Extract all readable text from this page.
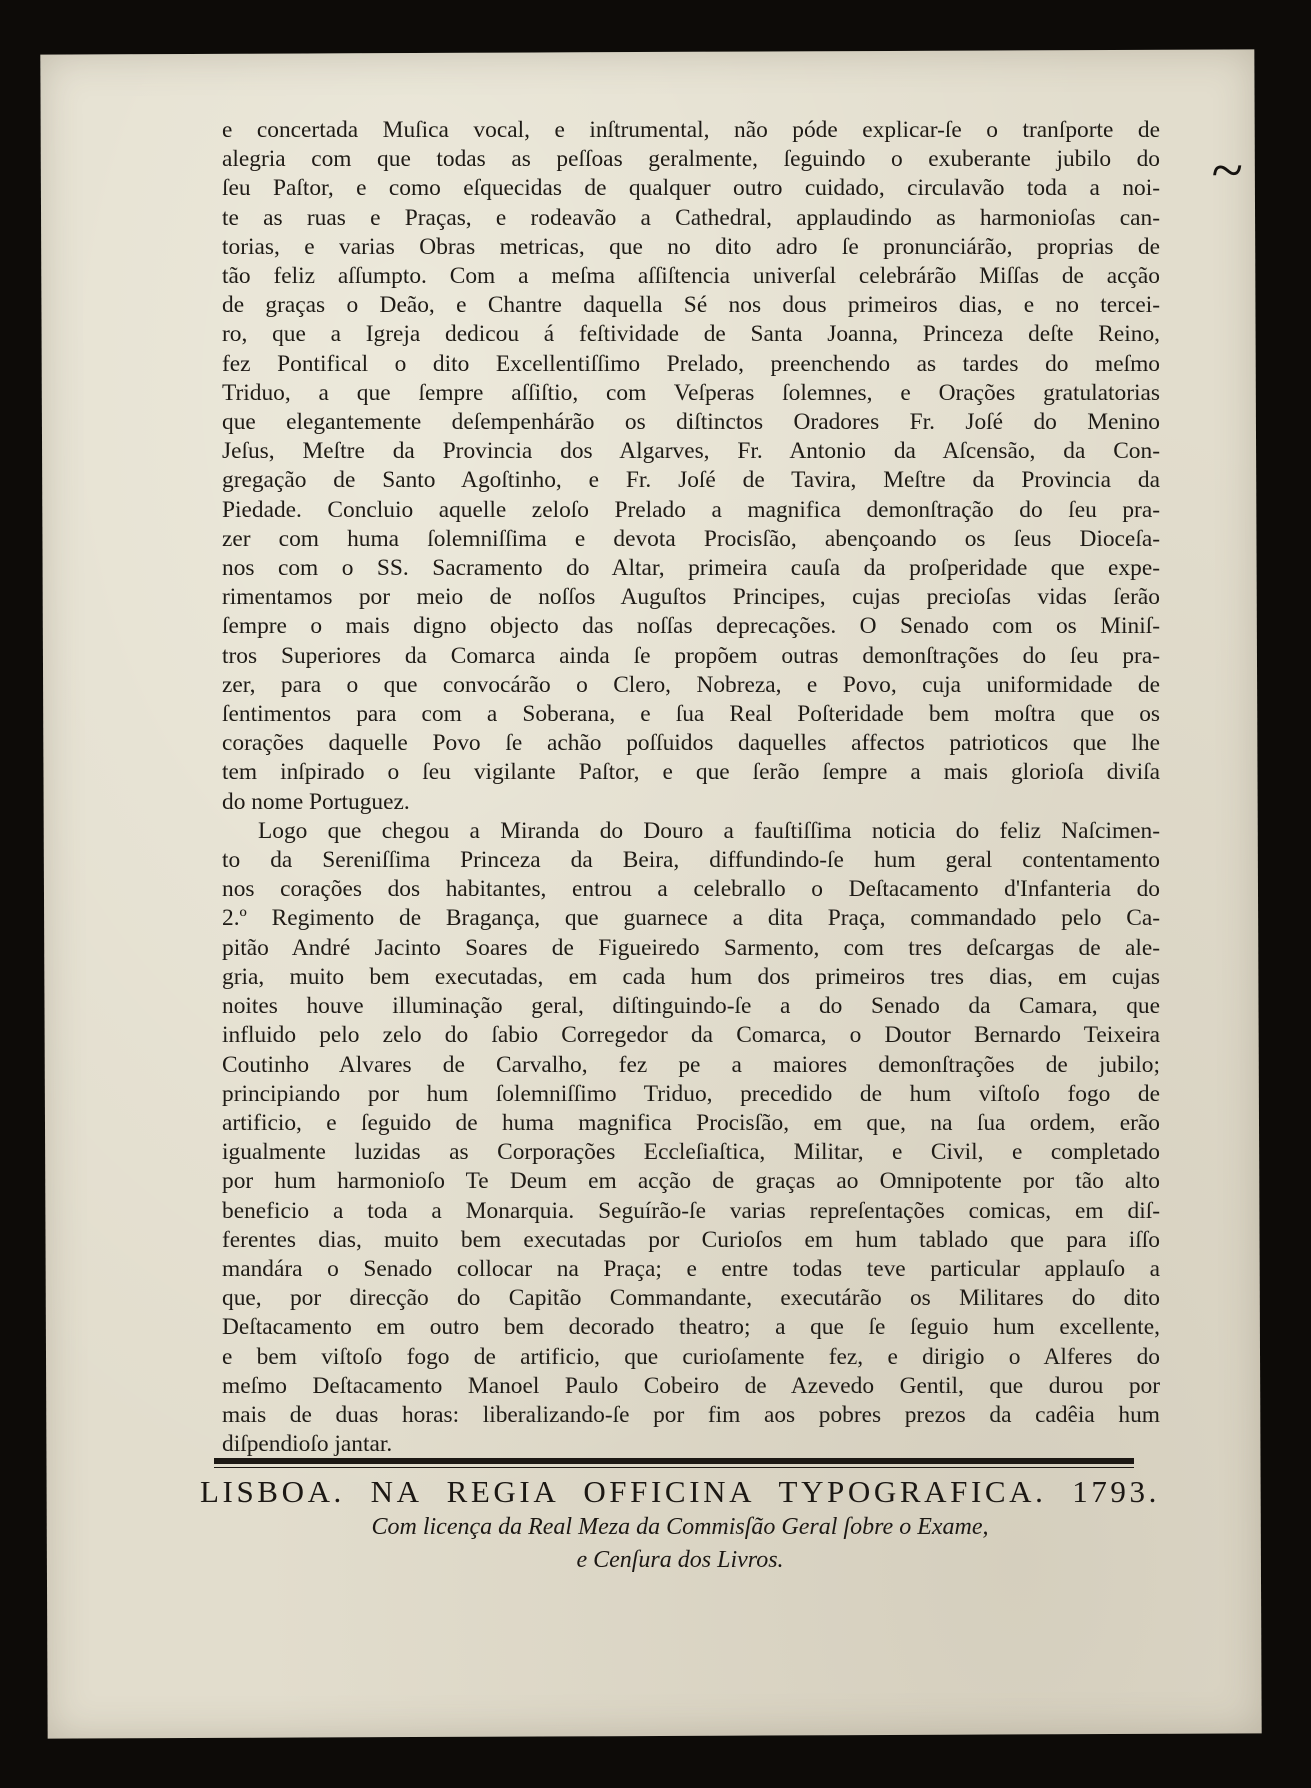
~
e concertada Muſica vocal, e inſtrumental, não póde explicar-ſe o tranſporte de
alegria com que todas as peſſoas geralmente, ſeguindo o exuberante jubilo do
ſeu Paſtor, e como eſquecidas de qualquer outro cuidado, circulavão toda a noi-
te as ruas e Praças, e rodeavão a Cathedral, applaudindo as harmonioſas can-
torias, e varias Obras metricas, que no dito adro ſe pronunciárão, proprias de
tão feliz aſſumpto. Com a meſma aſſiſtencia univerſal celebrárão Miſſas de acção
de graças o Deão, e Chantre daquella Sé nos dous primeiros dias, e no tercei-
ro, que a Igreja dedicou á feſtividade de Santa Joanna, Princeza deſte Reino,
fez Pontifical o dito Excellentiſſimo Prelado, preenchendo as tardes do meſmo
Triduo, a que ſempre aſſiſtio, com Veſperas ſolemnes, e Orações gratulatorias
que elegantemente deſempenhárão os diſtinctos Oradores Fr. Joſé do Menino
Jeſus, Meſtre da Provincia dos Algarves, Fr. Antonio da Aſcensão, da Con-
gregação de Santo Agoſtinho, e Fr. Joſé de Tavira, Meſtre da Provincia da
Piedade. Concluio aquelle zeloſo Prelado a magnifica demonſtração do ſeu pra-
zer com huma ſolemniſſima e devota Procisſão, abençoando os ſeus Dioceſa-
nos com o SS. Sacramento do Altar, primeira cauſa da proſperidade que expe-
rimentamos por meio de noſſos Auguſtos Principes, cujas precioſas vidas ſerão
ſempre o mais digno objecto das noſſas deprecações. O Senado com os Miniſ-
tros Superiores da Comarca ainda ſe propõem outras demonſtrações do ſeu pra-
zer, para o que convocárão o Clero, Nobreza, e Povo, cuja uniformidade de
ſentimentos para com a Soberana, e ſua Real Poſteridade bem moſtra que os
corações daquelle Povo ſe achão poſſuidos daquelles affectos patrioticos que lhe
tem inſpirado o ſeu vigilante Paſtor, e que ſerão ſempre a mais glorioſa diviſa
do nome Portuguez.
Logo que chegou a Miranda do Douro a fauſtiſſima noticia do feliz Naſcimen-
to da Sereniſſima Princeza da Beira, diffundindo-ſe hum geral contentamento
nos corações dos habitantes, entrou a celebrallo o Deſtacamento d'Infanteria do
2.º Regimento de Bragança, que guarnece a dita Praça, commandado pelo Ca-
pitão André Jacinto Soares de Figueiredo Sarmento, com tres deſcargas de ale-
gria, muito bem executadas, em cada hum dos primeiros tres dias, em cujas
noites houve illuminação geral, diſtinguindo-ſe a do Senado da Camara, que
influido pelo zelo do ſabio Corregedor da Comarca, o Doutor Bernardo Teixeira
Coutinho Alvares de Carvalho, fez pe a maiores demonſtrações de jubilo;
principiando por hum ſolemniſſimo Triduo, precedido de hum viſtoſo fogo de
artificio, e ſeguido de huma magnifica Procisſão, em que, na ſua ordem, erão
igualmente luzidas as Corporações Eccleſiaſtica, Militar, e Civil, e completado
por hum harmonioſo Te Deum em acção de graças ao Omnipotente por tão alto
beneficio a toda a Monarquia. Seguírão-ſe varias repreſentações comicas, em diſ-
ferentes dias, muito bem executadas por Curioſos em hum tablado que para iſſo
mandára o Senado collocar na Praça; e entre todas teve particular applauſo a
que, por direcção do Capitão Commandante, executárão os Militares do dito
Deſtacamento em outro bem decorado theatro; a que ſe ſeguio hum excellente,
e bem viſtoſo fogo de artificio, que curioſamente fez, e dirigio o Alferes do
meſmo Deſtacamento Manoel Paulo Cobeiro de Azevedo Gentil, que durou por
mais de duas horas: liberalizando-ſe por fim aos pobres prezos da cadêia hum
diſpendioſo jantar.
LISBOA. NA REGIA OFFICINA TYPOGRAFICA. 1793.
Com licença da Real Meza da Commisſão Geral ſobre o Exame,
e Cenſura dos Livros.
